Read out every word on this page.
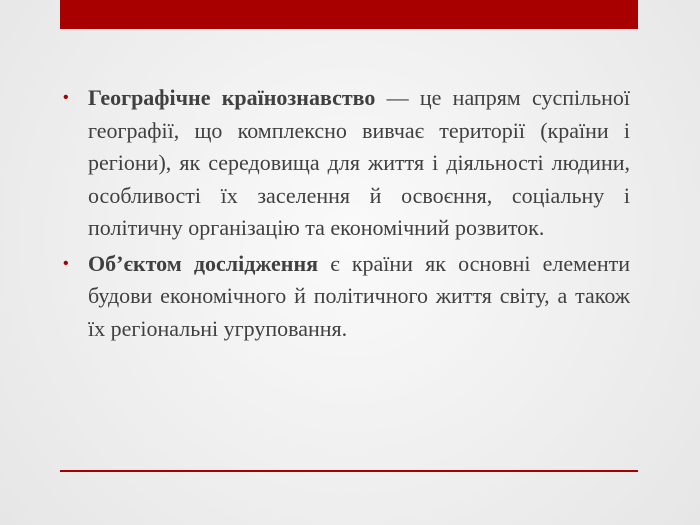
• Географічне країнознавство — це напрям суспільної географії, що комплексно вивчає території (країни і регіони), як середовища для життя і діяльності людини, особливості їх заселення й освоєння, соціальну і політичну організацію та економічний розвиток.
• Об’єктом дослідження є країни як основні елементи будови економічного й політичного життя світу, а також їх регіональні угруповання.
